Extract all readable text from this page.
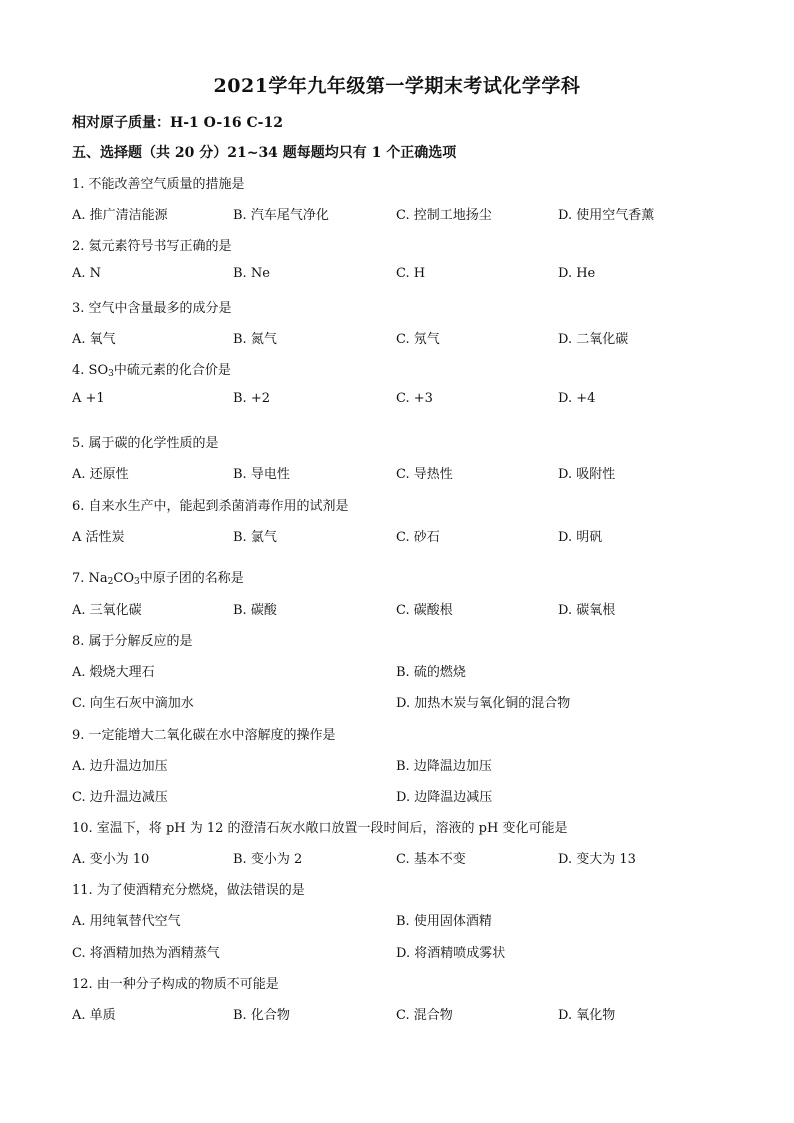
2021学年九年级第一学期末考试化学学科
相对原子质量：H-1 O-16 C-12
五、选择题（共 20 分）21~34 题每题均只有 1 个正确选项
1. 不能改善空气质量的措施是
A. 推广清洁能源	B. 汽车尾气净化	C. 控制工地扬尘	D. 使用空气香薰
2. 氦元素符号书写正确的是
A. N	B. Ne	C. H	D. He
3. 空气中含量最多的成分是
A. 氧气	B. 氮气	C. 氖气	D. 二氧化碳
4. $SO_3$中硫元素的化合价是
A +1	B. +2	C. +3	D. +4
5. 属于碳的化学性质的是
A. 还原性	B. 导电性	C. 导热性	D. 吸附性
6. 自来水生产中，能起到杀菌消毒作用的试剂是
A 活性炭	B. 氯气	C. 砂石	D. 明矾
7. $Na_2CO_3$中原子团的名称是
A. 三氧化碳	B. 碳酸	C. 碳酸根	D. 碳氧根
8. 属于分解反应的是
A. 煅烧大理石	B. 硫的燃烧
C. 向生石灰中滴加水	D. 加热木炭与氧化铜的混合物
9. 一定能增大二氧化碳在水中溶解度的操作是
A. 边升温边加压	B. 边降温边加压
C. 边升温边减压	D. 边降温边减压
10. 室温下，将 pH 为 12 的澄清石灰水敞口放置一段时间后，溶液的 pH 变化可能是
A. 变小为 10	B. 变小为 2	C. 基本不变	D. 变大为 13
11. 为了使酒精充分燃烧，做法错误的是
A. 用纯氧替代空气	B. 使用固体酒精
C. 将酒精加热为酒精蒸气	D. 将酒精喷成雾状
12. 由一种分子构成的物质不可能是
A. 单质	B. 化合物	C. 混合物	D. 氧化物
